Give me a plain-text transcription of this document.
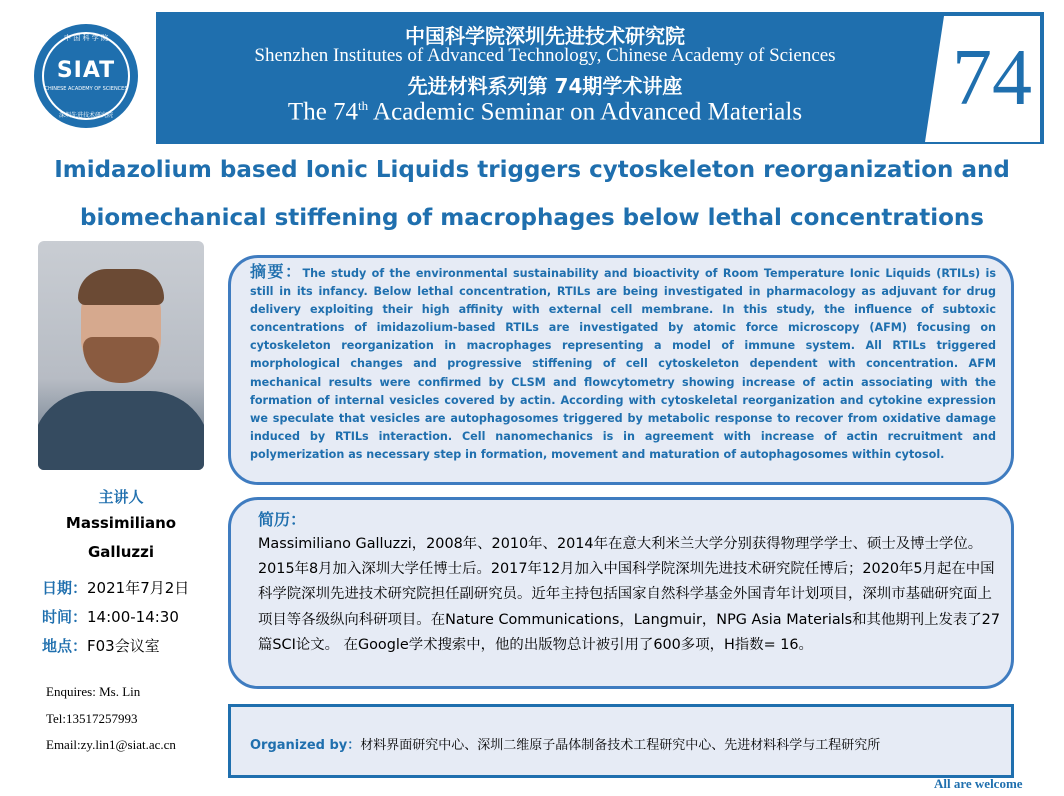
中 国 科 学 院
SIAT
CHINESE ACADEMY OF SCIENCES
深圳先进技术研究院
中国科学院深圳先进技术研究院
Shenzhen Institutes of Advanced Technology, Chinese Academy of Sciences
先进材料系列第 74期学术讲座
The 74th Academic Seminar on Advanced Materials	74
Imidazolium based Ionic Liquids triggers cytoskeleton reorganization and
biomechanical stiffening of macrophages below lethal concentrations
主讲人
Massimiliano
Galluzzi
日期：2021年7月2日
时间：14:00-14:30
地点：F03会议室
Enquires: Ms. Lin
Tel:13517257993
Email:zy.lin1@siat.ac.cn
摘要：The study of the environmental sustainability and bioactivity of Room Temperature Ionic Liquids (RTILs) is still in its infancy. Below lethal concentration, RTILs are being investigated in pharmacology as adjuvant for drug delivery exploiting their high affinity with external cell membrane. In this study, the influence of subtoxic concentrations of imidazolium-based RTILs are investigated by atomic force microscopy (AFM) focusing on cytoskeleton reorganization in macrophages representing a model of immune system. All RTILs triggered morphological changes and progressive stiffening of cell cytoskeleton dependent with concentration. AFM mechanical results were confirmed by CLSM and flowcytometry showing increase of actin associating with the formation of internal vesicles covered by actin. According with cytoskeletal reorganization and cytokine expression we speculate that vesicles are autophagosomes triggered by metabolic response to recover from oxidative damage induced by RTILs interaction. Cell nanomechanics is in agreement with increase of actin recruitment and polymerization as necessary step in formation, movement and maturation of autophagosomes within cytosol.
简历：
Massimiliano Galluzzi，2008年、2010年、2014年在意大利米兰大学分别获得物理学学士、硕士及博士学位。2015年8月加入深圳大学任博士后。2017年12月加入中国科学院深圳先进技术研究院任博后；2020年5月起在中国科学院深圳先进技术研究院担任副研究员。近年主持包括国家自然科学基金外国青年计划项目，深圳市基础研究面上项目等各级纵向科研项目。在Nature Communications，Langmuir，NPG Asia Materials和其他期刊上发表了27篇SCI论文。 在Google学术搜索中，他的出版物总计被引用了600多项，H指数= 16。
Organized by：材料界面研究中心、深圳二维原子晶体制备技术工程研究中心、先进材料科学与工程研究所
All are welcome
